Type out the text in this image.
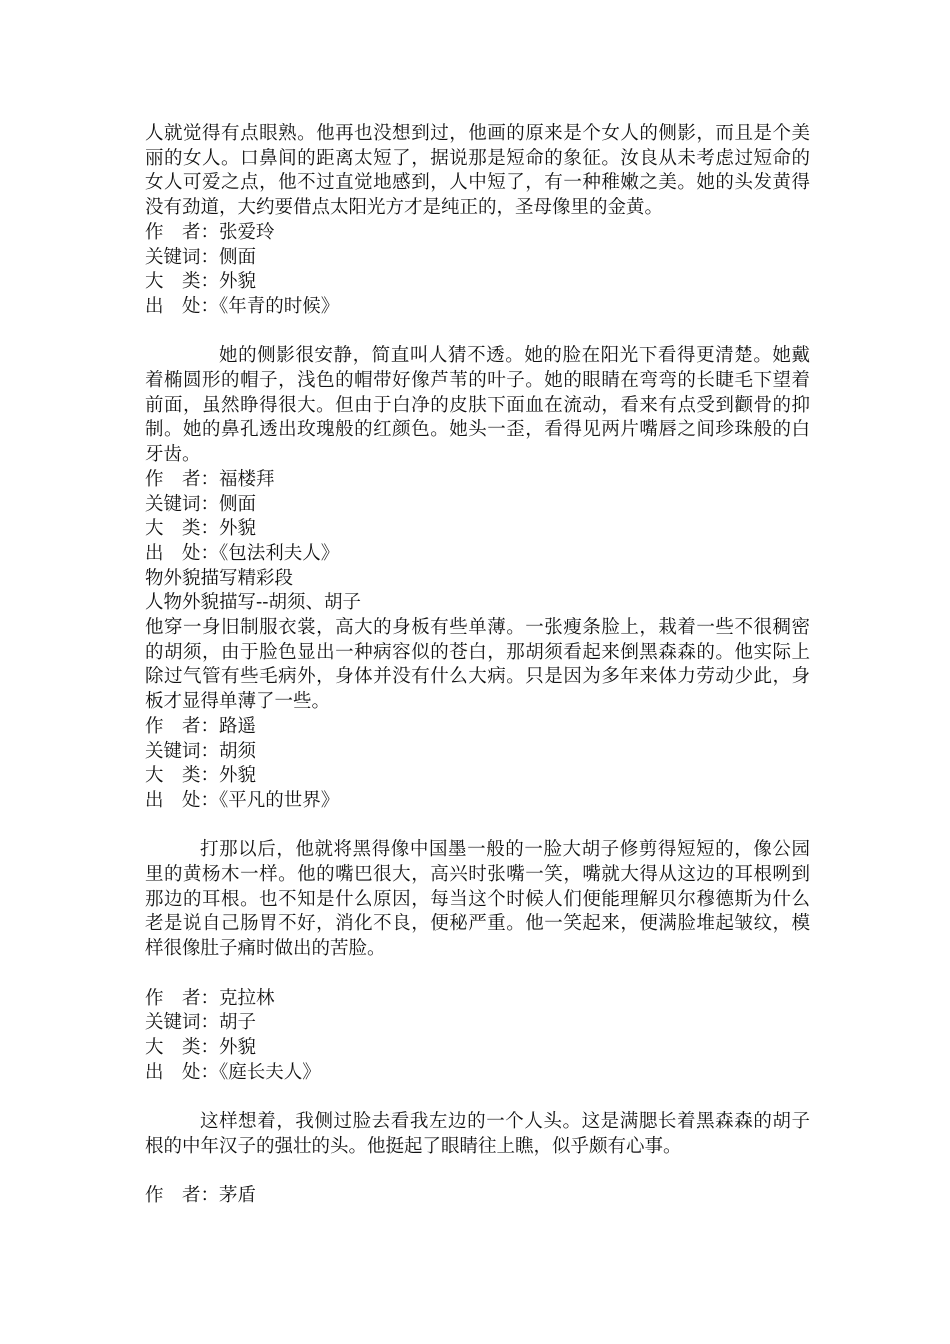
人就觉得有点眼熟。他再也没想到过，他画的原来是个女人的侧影，而且是个美丽的女人。口鼻间的距离太短了，据说那是短命的象征。汝良从未考虑过短命的女人可爱之点，他不过直觉地感到，人中短了，有一种稚嫩之美。她的头发黄得没有劲道，大约要借点太阳光方才是纯正的，圣母像里的金黄。

作　者：张爱玲

关键词：侧面

大　类：外貌

出　处：《年青的时候》

她的侧影很安静，简直叫人猜不透。她的脸在阳光下看得更清楚。她戴着椭圆形的帽子，浅色的帽带好像芦苇的叶子。她的眼睛在弯弯的长睫毛下望着前面，虽然睁得很大。但由于白净的皮肤下面血在流动，看来有点受到颧骨的抑制。她的鼻孔透出玫瑰般的红颜色。她头一歪，看得见两片嘴唇之间珍珠般的白牙齿。

作　者：福楼拜

关键词：侧面

大　类：外貌

出　处：《包法利夫人》

物外貌描写精彩段

人物外貌描写--胡须、胡子

他穿一身旧制服衣裳，高大的身板有些单薄。一张瘦条脸上，栽着一些不很稠密的胡须，由于脸色显出一种病容似的苍白，那胡须看起来倒黑森森的。他实际上除过气管有些毛病外，身体并没有什么大病。只是因为多年来体力劳动少此，身板才显得单薄了一些。

作　者：路遥

关键词：胡须

大　类：外貌

出　处：《平凡的世界》

打那以后，他就将黑得像中国墨一般的一脸大胡子修剪得短短的，像公园里的黄杨木一样。他的嘴巴很大，高兴时张嘴一笑，嘴就大得从这边的耳根咧到那边的耳根。也不知是什么原因，每当这个时候人们便能理解贝尔穆德斯为什么老是说自己肠胃不好，消化不良，便秘严重。他一笑起来，便满脸堆起皱纹，模样很像肚子痛时做出的苦脸。

作　者：克拉林

关键词：胡子

大　类：外貌

出　处：《庭长夫人》

这样想着，我侧过脸去看我左边的一个人头。这是满腮长着黑森森的胡子根的中年汉子的强壮的头。他挺起了眼睛往上瞧，似乎颇有心事。

作　者：茅盾
